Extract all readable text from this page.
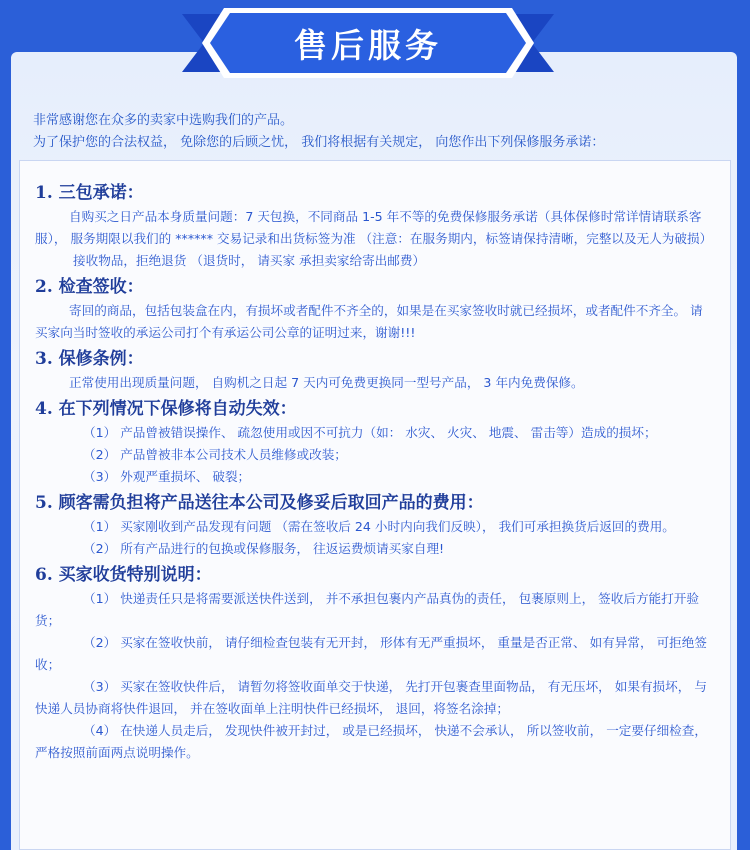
售后服务

非常感谢您在众多的卖家中选购我们的产品。

为了保护您的合法权益， 免除您的后顾之忧， 我们将根据有关规定， 向您作出下列保修服务承诺：

1. 三包承诺：

自购买之日产品本身质量问题：7 天包换，不同商品 1-5 年不等的免费保修服务承诺（具体保修时常详情请联系客服）， 服务期限以我们的 ****** 交易记录和出货标签为准 （注意：在服务期内，标签请保持清晰，完整以及无人为破损）

接收物品，拒绝退货 （退货时， 请买家 承担卖家给寄出邮费）

2. 检查签收：

寄回的商品，包括包装盒在内，有损坏或者配件不齐全的，如果是在买家签收时就已经损坏，或者配件不齐全。 请买家向当时签收的承运公司打个有承运公司公章的证明过来，谢谢!!!

3. 保修条例：

正常使用出现质量问题， 自购机之日起 7 天内可免费更换同一型号产品， 3 年内免费保修。

4. 在下列情况下保修将自动失效：

（1） 产品曾被错误操作、 疏忽使用或因不可抗力（如： 水灾、 火灾、 地震、 雷击等）造成的损坏；

（2） 产品曾被非本公司技术人员维修或改装；

（3） 外观严重损坏、 破裂；

5. 顾客需负担将产品送往本公司及修妥后取回产品的费用：

（1） 买家刚收到产品发现有问题 （需在签收后 24 小时内向我们反映）， 我们可承担换货后返回的费用。

（2） 所有产品进行的包换或保修服务， 往返运费烦请买家自理!

6. 买家收货特别说明：

（1） 快递责任只是将需要派送快件送到， 并不承担包裹内产品真伪的责任， 包裹原则上， 签收后方能打开验货；

（2） 买家在签收快前， 请仔细检查包装有无开封， 形体有无严重损坏， 重量是否正常、 如有异常， 可拒绝签收；

（3） 买家在签收快件后， 请暂勿将签收面单交于快递， 先打开包裹查里面物品， 有无压坏， 如果有损坏， 与快递人员协商将快件退回， 并在签收面单上注明快件已经损坏， 退回，将签名涂掉；

（4） 在快递人员走后， 发现快件被开封过， 或是已经损坏， 快递不会承认， 所以签收前， 一定要仔细检查， 严格按照前面两点说明操作。
